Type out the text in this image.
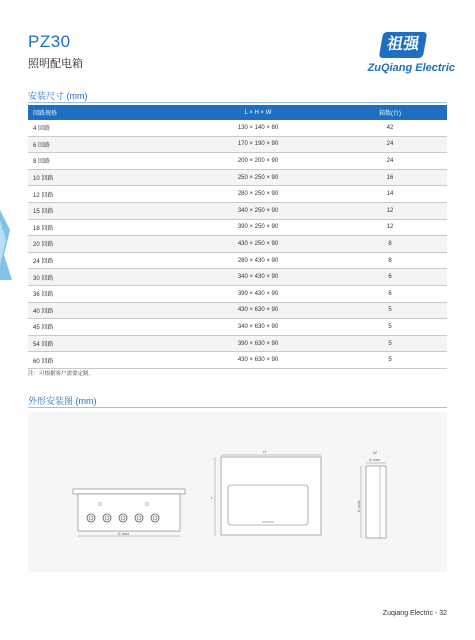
PZ30
照明配电箱
祖强
ZuQiang Electric
安装尺寸 (mm)
回路规格	L × H × W	箱数(台)
4 回路	130 × 140 × 80	42
6 回路	170 × 190 × 90	24
8 回路	200 × 200 × 90	24
10 回路	250 × 250 × 90	16
12 回路	280 × 250 × 90	14
15 回路	340 × 250 × 90	12
18 回路	390 × 250 × 90	12
20 回路	430 × 250 × 90	8
24 回路	280 × 430 × 90	8
30 回路	340 × 430 × 90	6
36 回路	390 × 430 × 90	6
40 回路	430 × 630 × 90	5
45 回路	340 × 630 × 90	5
54 回路	390 × 630 × 90	5
60 回路	430 × 630 × 90	5
注：可根据客户需要定制。
外形安装图 (mm)
E max
L
H	W
A max
D max
Zuqiang Electric - 32
